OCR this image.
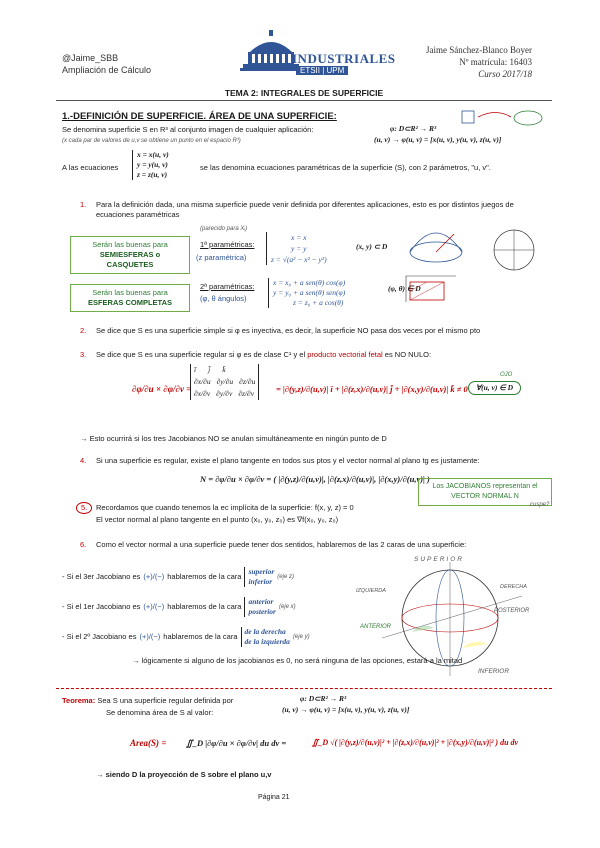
@Jaime_SBB
Ampliación de Cálculo
INDUSTRIALES
ETSII | UPM
Jaime Sánchez-Blanco Boyer
Nº matrícula: 16403
Curso 2017/18
TEMA 2: INTEGRALES DE SUPERFICIE
1.-DEFINICIÓN DE SUPERFICIE. ÁREA DE UNA SUPERFICIE:
Se denomina superficie S en R³ al conjunto imagen de cualquier aplicación:	φ: D⊂R² → R³
(u, v) → φ(u, v) = [x(u, v), y(u, v), z(u, v)]
(x cada par de valores de u,v se obtiene un punto en el espacio R³)
A las ecuaciones
x = x(u, v)
y = y(u, v)
z = z(u, v)
se las denomina ecuaciones paramétricas de la superficie (S), con 2 parámetros, "u, v".
1. Para la definición dada, una misma superficie puede venir definida por diferentes aplicaciones, esto es por distintos juegos de ecuaciones paramétricas
Serán las buenas para
SEMIESFERAS o
CASQUETES
Serán las buenas para
ESFERAS COMPLETAS
(parecido para Xᵢ)
1ª paramétricas:
(z paramétrica)
x = x
y = y
z = √(a² − x² − y²)
(x, y) ⊂ D
2ª paramétricas:
(φ, θ ángulos)
x = x₀ + a sen(θ) cos(φ)
y = y₀ + a sen(θ) sen(φ)
z = z₀ + a cos(θ)
(φ, θ) ∈ D
2. Se dice que S es una superficie simple si φ es inyectiva, es decir, la superficie NO pasa dos veces por el mismo pto
3. Se dice que S es una superficie regular si φ es de clase C¹ y el producto vectorial fetal es NO NULO:
∂φ/∂u × ∂φ/∂v =
ī j̄ k̄
∂x/∂u ∂y/∂u ∂z/∂u
∂x/∂v ∂y/∂v ∂z/∂v	= |∂(y,z)/∂(u,v)| ī + |∂(z,x)/∂(u,v)| j̄ + |∂(x,y)/∂(u,v)| k̄ ≠ 0
OJO
∀(u, v) ∈ D
→ Esto ocurrirá si los tres Jacobianos NO se anulan simultáneamente en ningún punto de D
4. Si una superficie es regular, existe el plano tangente en todos sus ptos y el vector normal al plano tg es justamente:
N = ∂φ/∂u × ∂φ/∂v = ( |∂(y,z)/∂(u,v)|, |∂(z,x)/∂(u,v)|, |∂(x,y)/∂(u,v)| )
Los JACOBIANOS representan el VECTOR NORMAL N
cuspe?
5.	Recordamos que cuando tenemos la ec implícita de la superficie: f(x, y, z) = 0
El vector normal al plano tangente en el punto (x₀, y₀, z₀) es ∇f(x₀, y₀, z₀)
6. Como el vector normal a una superficie puede tener dos sentidos, hablaremos de las 2 caras de una superficie:
- Si el 3er Jacobiano es (+)/(−) hablaremos de la cara
superior
inferior (eje z)
- Si el 1er Jacobiano es (+)/(−) hablaremos de la cara
anterior
posterior (eje x)
- Si el 2º Jacobiano es (+)/(−) hablaremos de la cara
de la derecha
de la izquierda (eje y)
SUPERIOR
INFERIOR
ANTERIOR
POSTERIOR
IZQUIERDA
DERECHA
→ lógicamente si alguno de los jacobianos es 0, no será ninguna de las opciones, estará a la mitad
Teorema: Sea S una superficie regular definida por	φ: D⊂R² → R³
(u, v) → φ(u, v) = [x(u, v), y(u, v), z(u, v)]
Se denomina área de S al valor:
Area(S) = ∬_D |∂φ/∂u × ∂φ/∂v| du dv =	∬_D √( |∂(y,z)/∂(u,v)|² + |∂(z,x)/∂(u,v)|² + |∂(x,y)/∂(u,v)|² ) du dv
→ siendo D la proyección de S sobre el plano u,v
Página 21
